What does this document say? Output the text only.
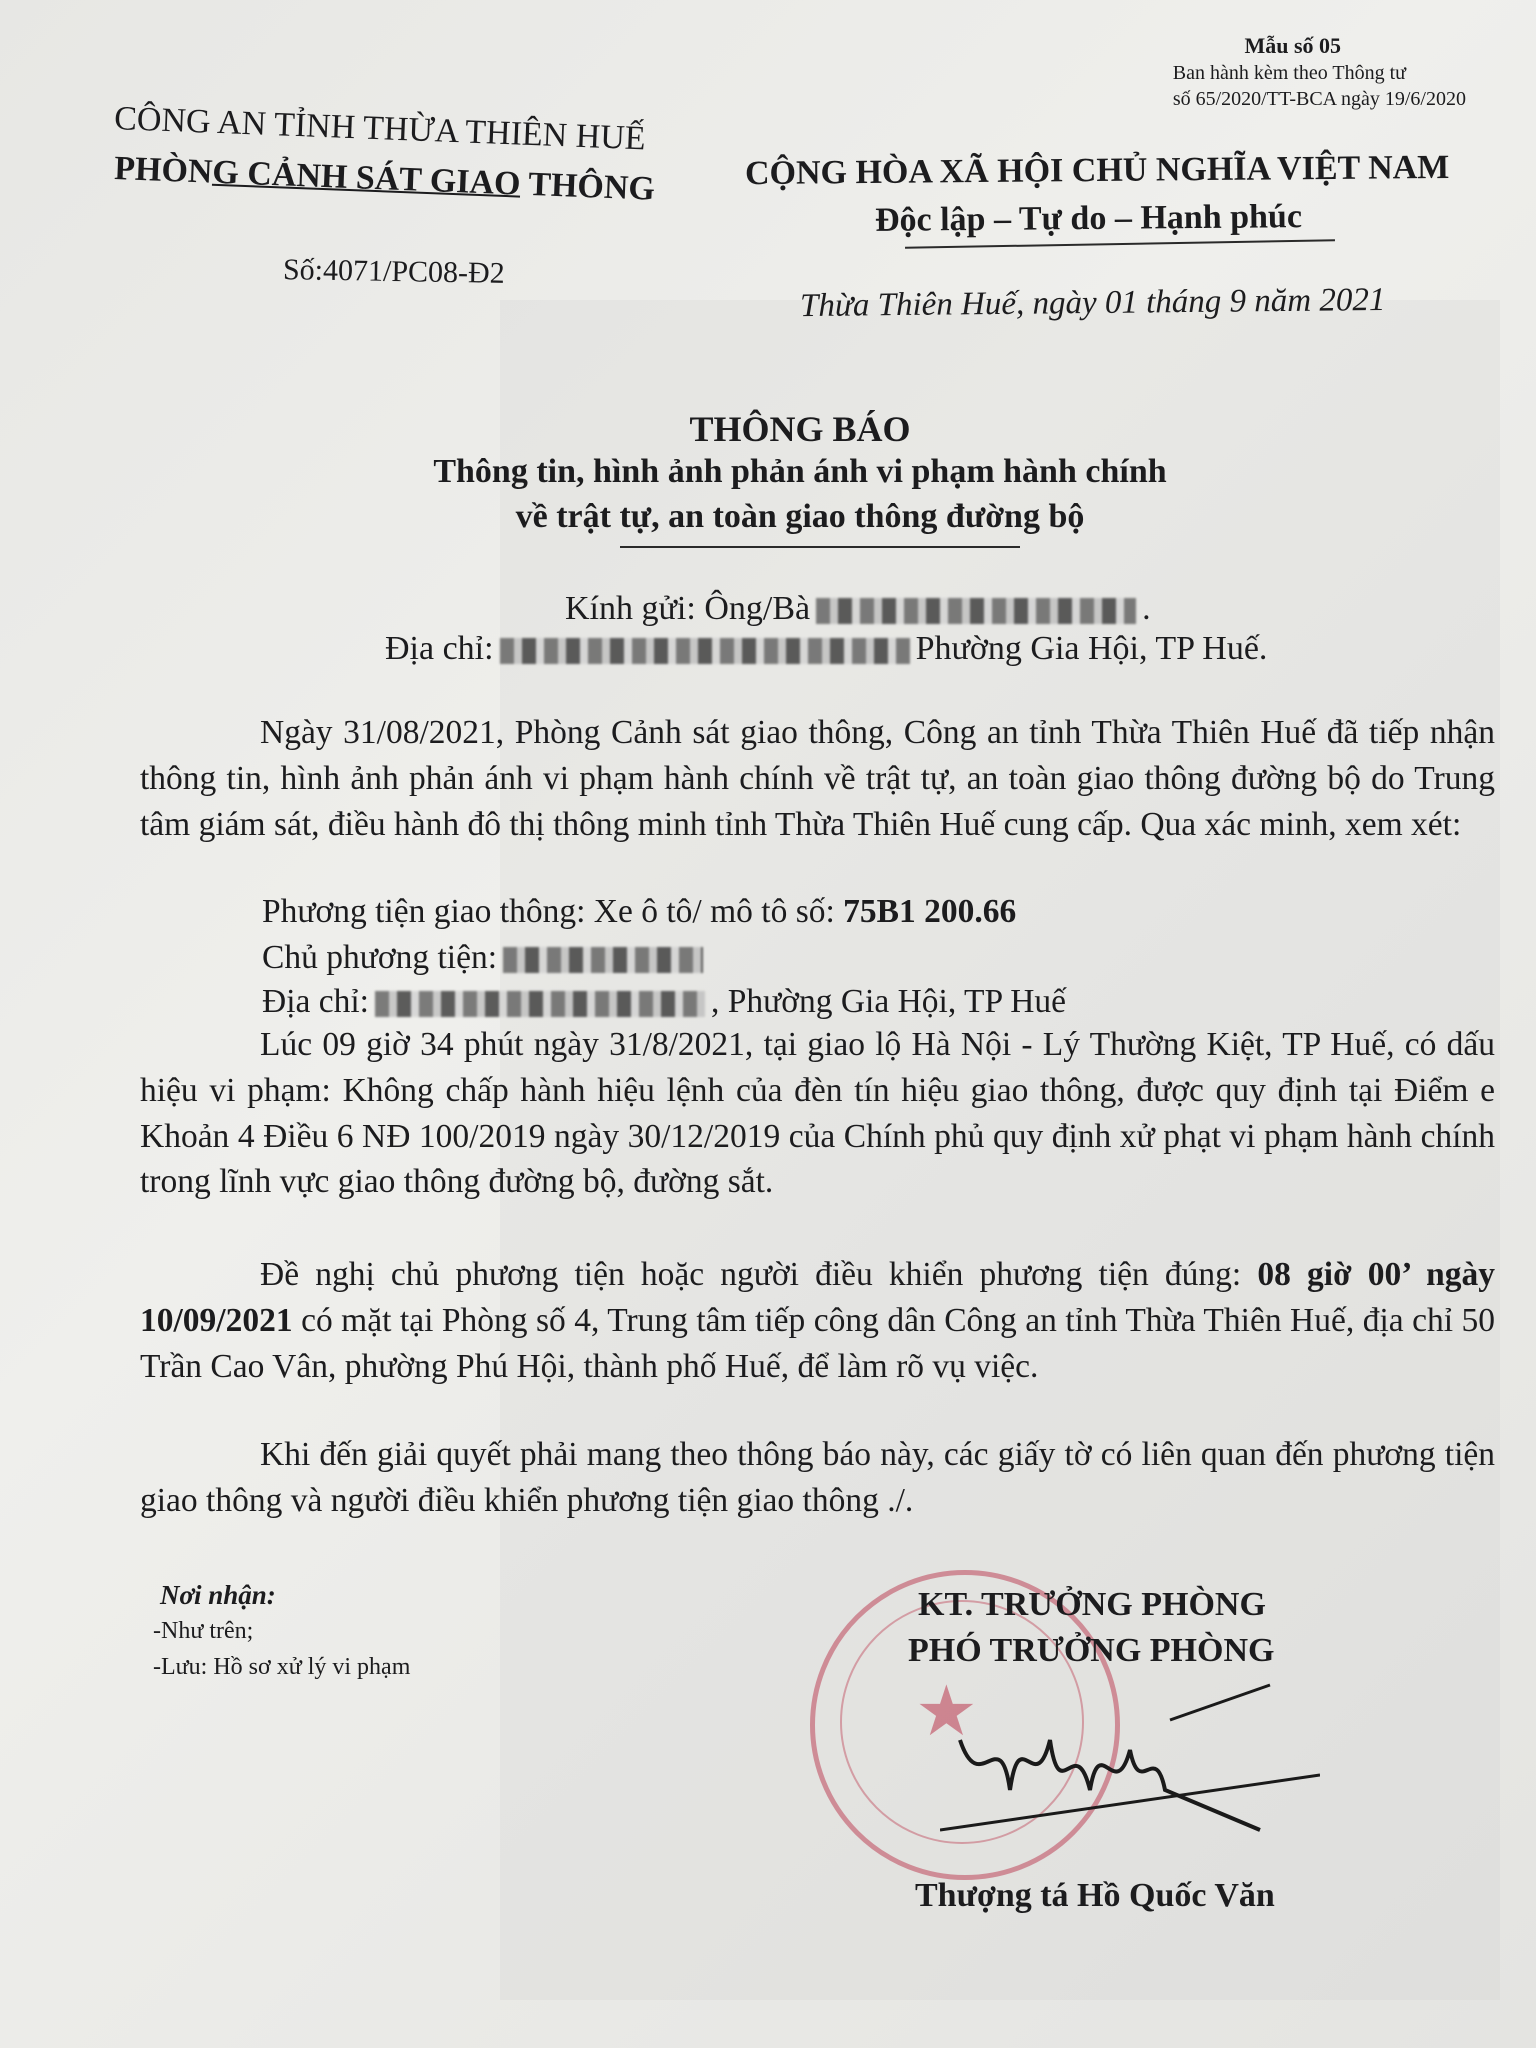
Mẫu số 05
Ban hành kèm theo Thông tư
số 65/2020/TT-BCA ngày 19/6/2020
CÔNG AN TỈNH THỪA THIÊN HUẾ
PHÒNG CẢNH SÁT GIAO THÔNG
Số:4071/PC08-Đ2
CỘNG HÒA XÃ HỘI CHỦ NGHĨA VIỆT NAM
Độc lập – Tự do – Hạnh phúc
Thừa Thiên Huế, ngày 01 tháng 9 năm 2021
THÔNG BÁO
Thông tin, hình ảnh phản ánh vi phạm hành chính
về trật tự, an toàn giao thông đường bộ
Kính gửi: Ông/Bà	.
Địa chỉ:	Phường Gia Hội, TP Huế.
Ngày 31/08/2021, Phòng Cảnh sát giao thông, Công an tỉnh Thừa Thiên Huế đã tiếp nhận thông tin, hình ảnh phản ánh vi phạm hành chính về trật tự, an toàn giao thông đường bộ do Trung tâm giám sát, điều hành đô thị thông minh tỉnh Thừa Thiên Huế cung cấp. Qua xác minh, xem xét:
Phương tiện giao thông: Xe ô tô/ mô tô số: 75B1 200.66
Chủ phương tiện:
Địa chỉ:	, Phường Gia Hội, TP Huế
Lúc 09 giờ 34 phút ngày 31/8/2021, tại giao lộ Hà Nội - Lý Thường Kiệt, TP Huế, có dấu hiệu vi phạm: Không chấp hành hiệu lệnh của đèn tín hiệu giao thông, được quy định tại Điểm e Khoản 4 Điều 6 NĐ 100/2019 ngày 30/12/2019 của Chính phủ quy định xử phạt vi phạm hành chính trong lĩnh vực giao thông đường bộ, đường sắt.
Đề nghị chủ phương tiện hoặc người điều khiển phương tiện đúng: 08 giờ 00’ ngày 10/09/2021 có mặt tại Phòng số 4, Trung tâm tiếp công dân Công an tỉnh Thừa Thiên Huế, địa chỉ 50 Trần Cao Vân, phường Phú Hội, thành phố Huế, để làm rõ vụ việc.
Khi đến giải quyết phải mang theo thông báo này, các giấy tờ có liên quan đến phương tiện giao thông và người điều khiển phương tiện giao thông ./.
Nơi nhận:
-Như trên;
-Lưu: Hồ sơ xử lý vi phạm
★
KT. TRƯỞNG PHÒNG
PHÓ TRƯỞNG PHÒNG
Thượng tá Hồ Quốc Văn
